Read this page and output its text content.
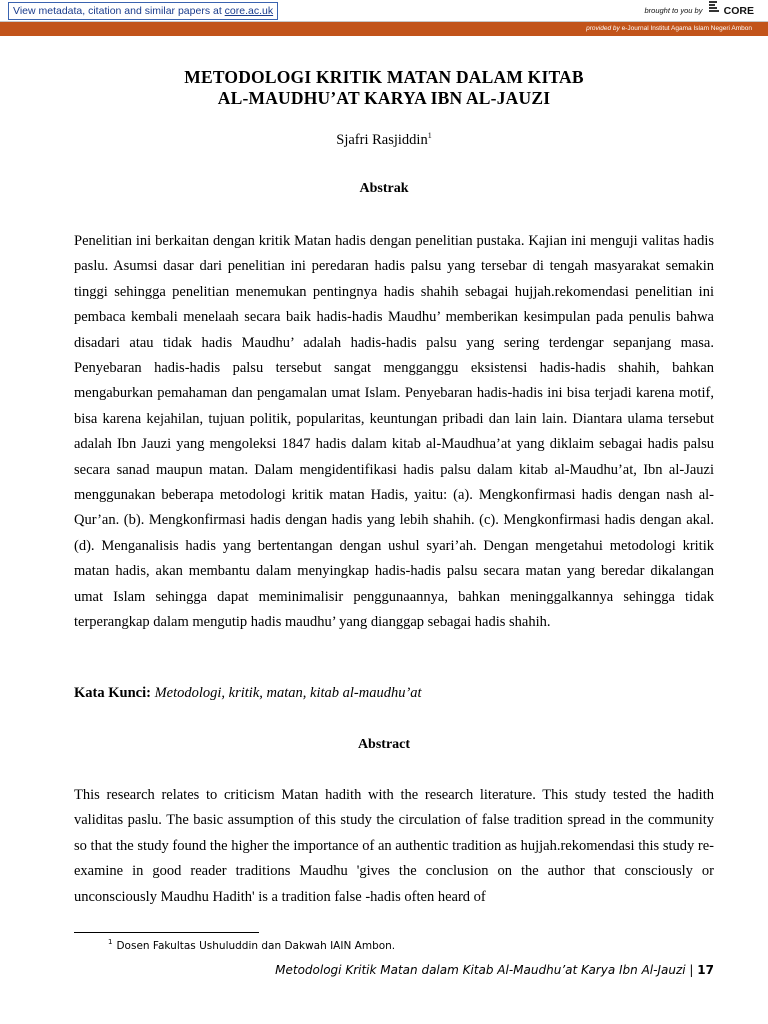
View metadata, citation and similar papers at core.ac.uk	brought to you by CORE
provided by e-Journal Institut Agama Islam Negeri Ambon
METODOLOGI KRITIK MATAN DALAM KITAB
AL-MAUDHU’AT KARYA IBN AL-JAUZI
Sjafri Rasjiddin$^1$
Abstrak

Penelitian ini berkaitan dengan kritik Matan hadis dengan penelitian pustaka. Kajian ini menguji valitas hadis paslu. Asumsi dasar dari penelitian ini peredaran hadis palsu yang tersebar di tengah masyarakat semakin tinggi sehingga penelitian menemukan pentingnya hadis shahih sebagai hujjah.rekomendasi penelitian ini pembaca kembali menelaah secara baik hadis-hadis Maudhu’ memberikan kesimpulan pada penulis bahwa disadari atau tidak hadis Maudhu’ adalah hadis-hadis palsu yang sering terdengar sepanjang masa. Penyebaran hadis-hadis palsu tersebut sangat mengganggu eksistensi hadis-hadis shahih, bahkan mengaburkan pemahaman dan pengamalan umat Islam. Penyebaran hadis-hadis ini bisa terjadi karena motif, bisa karena kejahilan, tujuan politik, popularitas, keuntungan pribadi dan lain lain. Diantara ulama tersebut adalah Ibn Jauzi yang mengoleksi 1847 hadis dalam kitab al-Maudhua’at yang diklaim sebagai hadis palsu secara sanad maupun matan. Dalam mengidentifikasi hadis palsu dalam kitab al-Maudhu’at, Ibn al-Jauzi menggunakan beberapa metodologi kritik matan Hadis, yaitu: (a). Mengkonfirmasi hadis dengan nash al-Qur’an. (b). Mengkonfirmasi hadis dengan hadis yang lebih shahih. (c). Mengkonfirmasi hadis dengan akal. (d). Menganalisis hadis yang bertentangan dengan ushul syari’ah. Dengan mengetahui metodologi kritik matan hadis, akan membantu dalam menyingkap hadis-hadis palsu secara matan yang beredar dikalangan umat Islam sehingga dapat meminimalisir penggunaannya, bahkan meninggalkannya sehingga tidak terperangkap dalam mengutip hadis maudhu’ yang dianggap sebagai hadis shahih.

Kata Kunci: Metodologi, kritik, matan, kitab al-maudhu’at
Abstract

This research relates to criticism Matan hadith with the research literature. This study tested the hadith validitas paslu. The basic assumption of this study the circulation of false tradition spread in the community so that the study found the higher the importance of an authentic tradition as hujjah.rekomendasi this study re-examine in good reader traditions Maudhu 'gives the conclusion on the author that consciously or unconsciously Maudhu Hadith' is a tradition false -hadis often heard of

$^1$ Dosen Fakultas Ushuluddin dan Dakwah IAIN Ambon.
Metodologi Kritik Matan dalam Kitab Al-Maudhu’at Karya Ibn Al-Jauzi | 17
